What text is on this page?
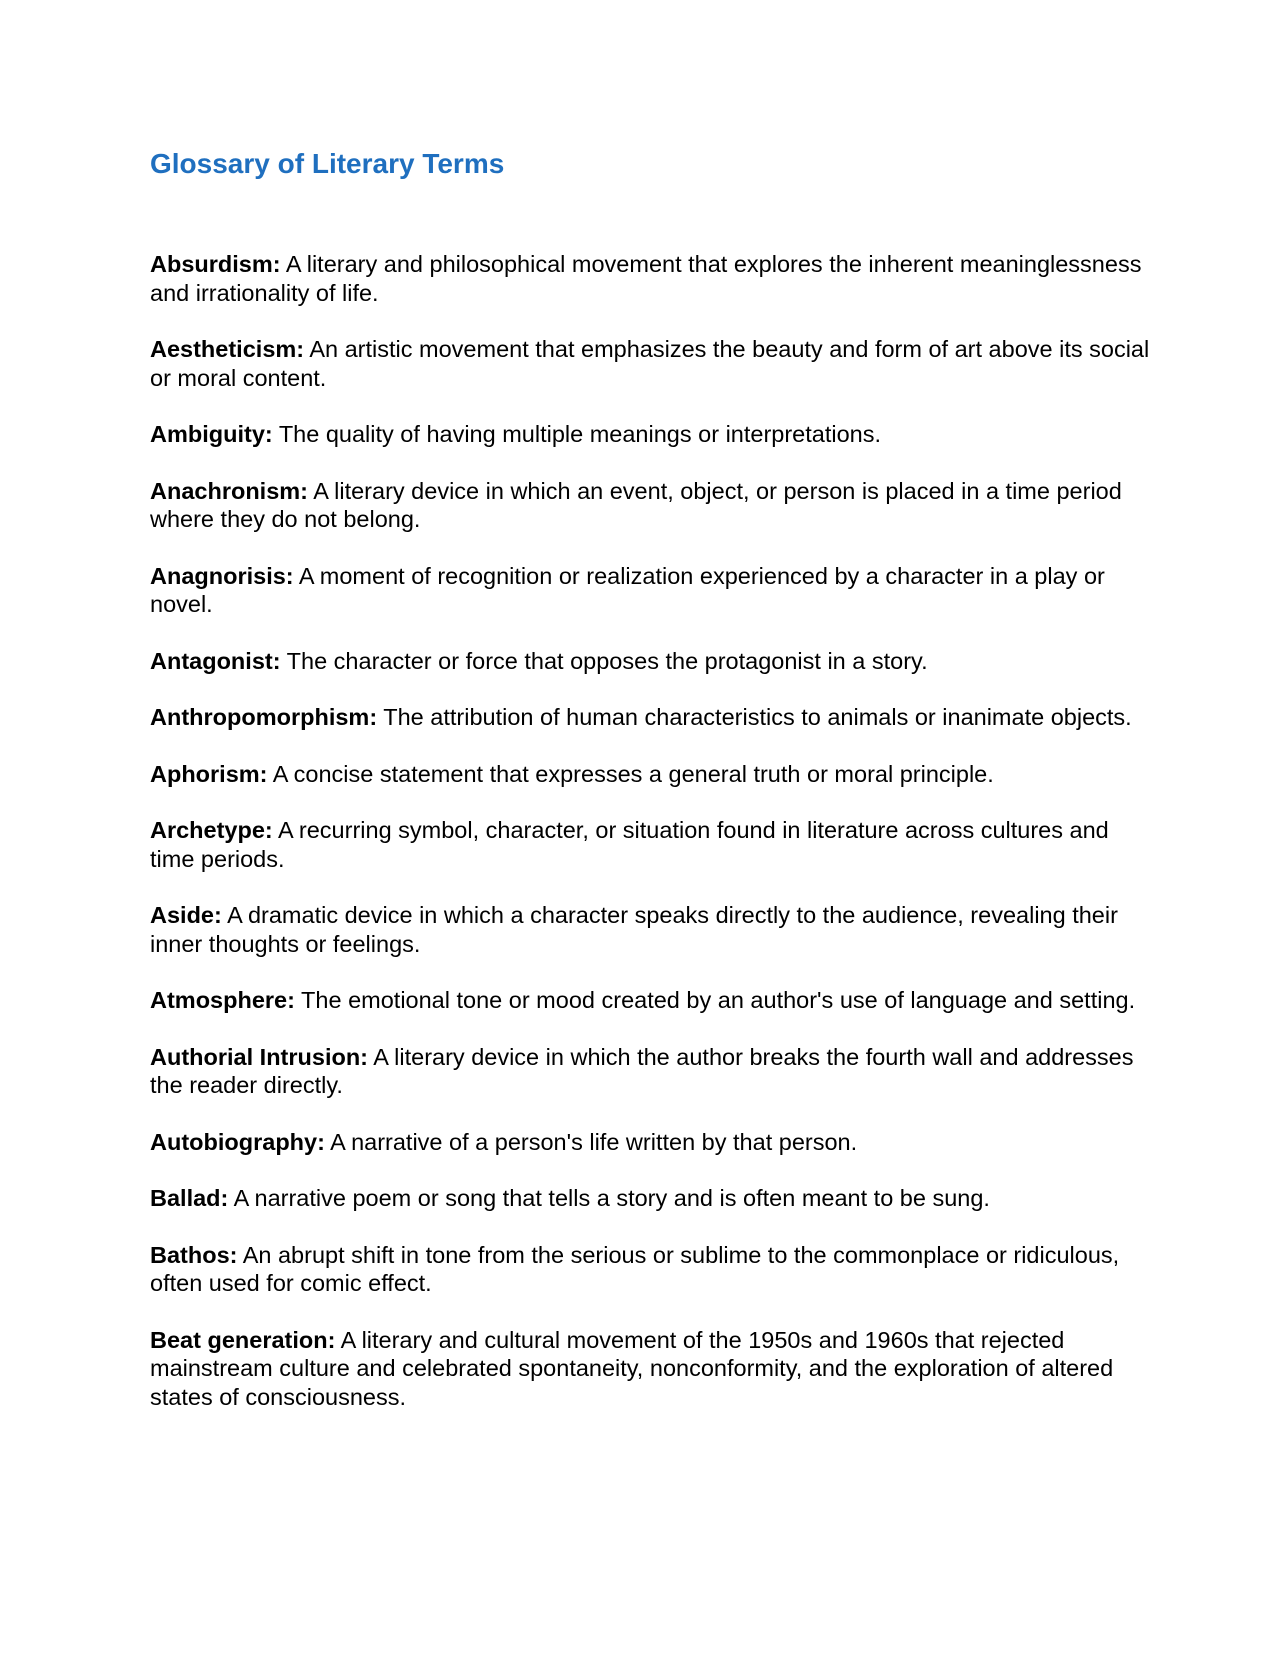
Glossary of Literary Terms
Absurdism: A literary and philosophical movement that explores the inherent meaninglessness and irrationality of life.
Aestheticism: An artistic movement that emphasizes the beauty and form of art above its social or moral content.
Ambiguity: The quality of having multiple meanings or interpretations.
Anachronism: A literary device in which an event, object, or person is placed in a time period where they do not belong.
Anagnorisis: A moment of recognition or realization experienced by a character in a play or novel.
Antagonist: The character or force that opposes the protagonist in a story.
Anthropomorphism: The attribution of human characteristics to animals or inanimate objects.
Aphorism: A concise statement that expresses a general truth or moral principle.
Archetype: A recurring symbol, character, or situation found in literature across cultures and time periods.
Aside: A dramatic device in which a character speaks directly to the audience, revealing their inner thoughts or feelings.
Atmosphere: The emotional tone or mood created by an author's use of language and setting.
Authorial Intrusion: A literary device in which the author breaks the fourth wall and addresses the reader directly.
Autobiography: A narrative of a person's life written by that person.
Ballad: A narrative poem or song that tells a story and is often meant to be sung.
Bathos: An abrupt shift in tone from the serious or sublime to the commonplace or ridiculous, often used for comic effect.
Beat generation: A literary and cultural movement of the 1950s and 1960s that rejected mainstream culture and celebrated spontaneity, nonconformity, and the exploration of altered states of consciousness.
